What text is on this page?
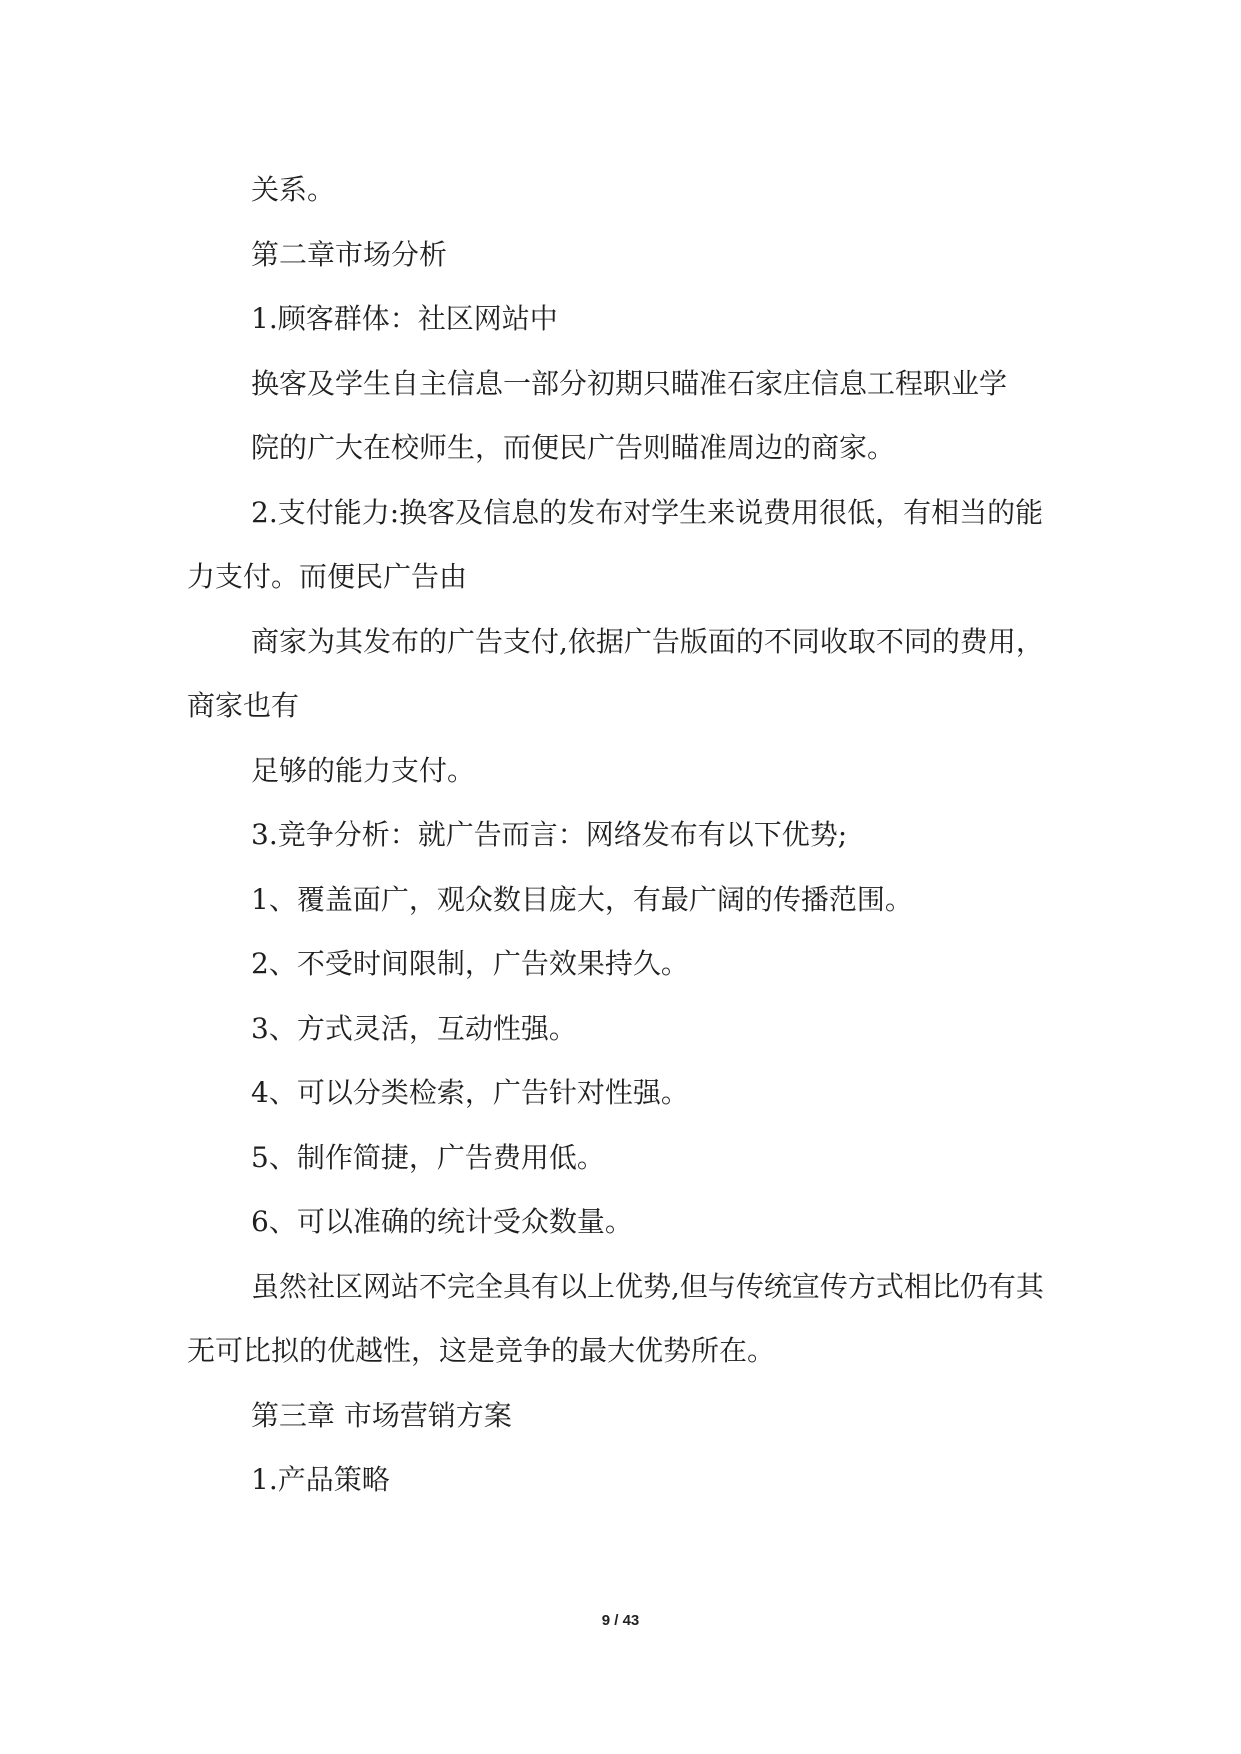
关系。

第二章市场分析

1.顾客群体：社区网站中

换客及学生自主信息一部分初期只瞄准石家庄信息工程职业学

院的广大在校师生，而便民广告则瞄准周边的商家。

2.支付能力:换客及信息的发布对学生来说费用很低，有相当的能力支付。而便民广告由

商家为其发布的广告支付,依据广告版面的不同收取不同的费用，商家也有

足够的能力支付。

3.竞争分析：就广告而言：网络发布有以下优势;

1、覆盖面广，观众数目庞大，有最广阔的传播范围。

2、不受时间限制，广告效果持久。

3、方式灵活，互动性强。

4、可以分类检索，广告针对性强。

5、制作简捷，广告费用低。

6、可以准确的统计受众数量。

虽然社区网站不完全具有以上优势,但与传统宣传方式相比仍有其无可比拟的优越性，这是竞争的最大优势所在。

第三章 市场营销方案

1.产品策略

9 / 43
